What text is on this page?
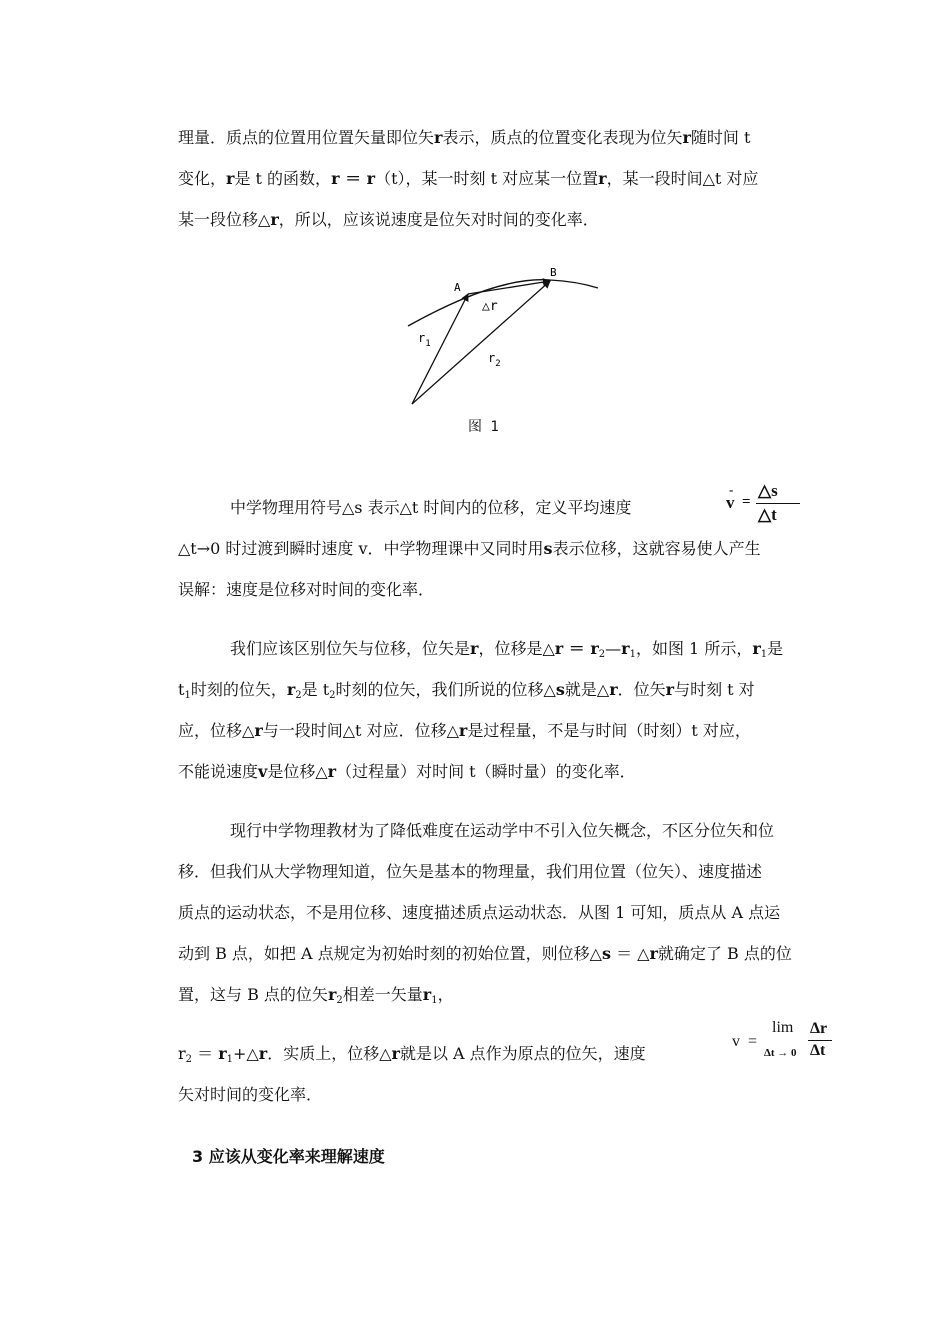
理量．质点的位置用位置矢量即位矢r表示，质点的位置变化表现为位矢r随时间 t
变化，r是 t 的函数，r ＝ r（t），某一时刻 t 对应某一位置r，某一段时间△t 对应
某一段位移△r，所以，应该说速度是位矢对时间的变化率．
A
B
△r
$r_1$
$r_2$
图 1
中学物理用符号△s 表示△t 时间内的位移，定义平均速度
-
v =
△s
△t
△t→0 时过渡到瞬时速度 v．中学物理课中又同时用s表示位移，这就容易使人产生
误解：速度是位移对时间的变化率．
我们应该区别位矢与位移，位矢是r，位移是△r ＝ $r_2—r_1$，如图 1 所示，$r_1$是
$t_1$时刻的位矢，$r_2$是 $t_2$时刻的位矢，我们所说的位移△s就是△r．位矢r与时刻 t 对
应，位移△r与一段时间△t 对应．位移△r是过程量，不是与时间（时刻）t 对应，
不能说速度v是位移△r（过程量）对时间 t（瞬时量）的变化率．
现行中学物理教材为了降低难度在运动学中不引入位矢概念，不区分位矢和位
移．但我们从大学物理知道，位矢是基本的物理量，我们用位置（位矢）、速度描述
质点的运动状态，不是用位移、速度描述质点运动状态．从图 1 可知，质点从 A 点运
动到 B 点，如把 A 点规定为初始时刻的初始位置，则位移△s ＝ △r就确定了 B 点的位
置，这与 B 点的位矢$r_2$相差一矢量$r_1$，
$r_2$ ＝ $r_1+\triangle r$．实质上，位移△r就是以 A 点作为原点的位矢，速度
矢对时间的变化率．
v =
lim
Δt → 0
Δr
Δt
3 应该从变化率来理解速度
